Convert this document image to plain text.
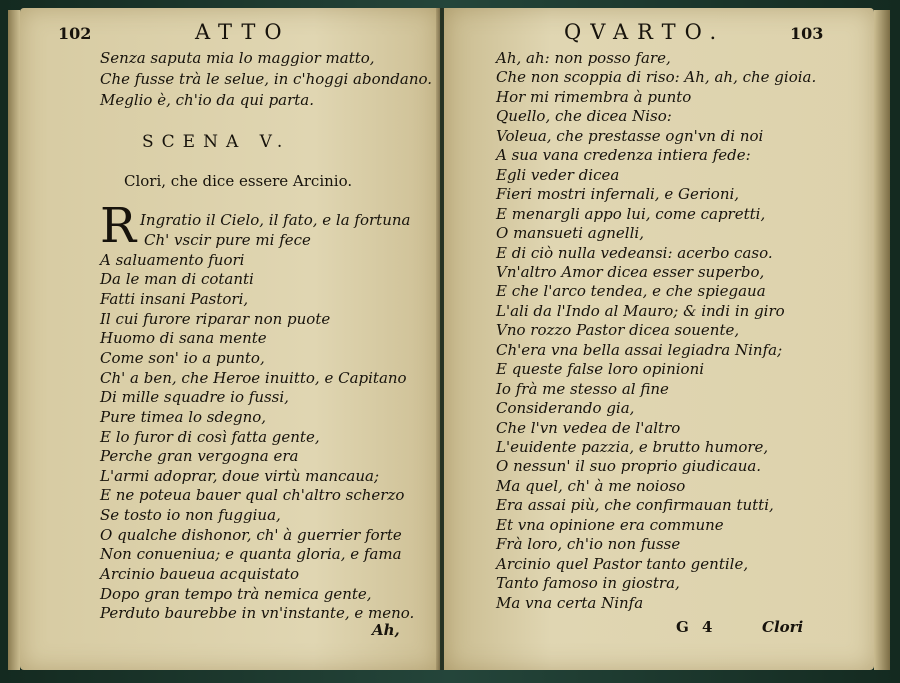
102	ATTO
Senza saputa mia lo maggior matto,
Che fusse trà le selue, in c'hoggi abondano.
Meglio è, ch'io da qui parta.
SCENA V.
Clori, che dice essere Arcinio.
R Ingratio il Cielo, il fato, e la fortuna
Ch' vscir pure mi fece
A saluamento fuori
Da le man di cotanti
Fatti insani Pastori,
Il cui furore riparar non puote
Huomo di sana mente
Come son' io a punto,
Ch' a ben, che Heroe inuitto, e Capitano
Di mille squadre io fussi,
Pure timea lo sdegno,
E lo furor di così fatta gente,
Perche gran vergogna era
L'armi adoprar, doue virtù mancaua;
E ne poteua bauer qual ch'altro scherzo
Se tosto io non fuggiua,
O qualche dishonor, ch' à guerrier forte
Non conueniua; e quanta gloria, e fama
Arcinio baueua acquistato
Dopo gran tempo trà nemica gente,
Perduto baurebbe in vn'instante, e meno.
Ah,
QVARTO.	103
Ah, ah: non posso fare,
Che non scoppia di riso: Ah, ah, che gioia.
Hor mi rimembra à punto
Quello, che dicea Niso:
Voleua, che prestasse ogn'vn di noi
A sua vana credenza intiera fede:
Egli veder dicea
Fieri mostri infernali, e Gerioni,
E menargli appo lui, come capretti,
O mansueti agnelli,
E di ciò nulla vedeansi: acerbo caso.
Vn'altro Amor dicea esser superbo,
E che l'arco tendea, e che spiegaua
L'ali da l'Indo al Mauro; & indi in giro
Vno rozzo Pastor dicea souente,
Ch'era vna bella assai legiadra Ninfa;
E queste false loro opinioni
Io frà me stesso al fine
Considerando gia,
Che l'vn vedea de l'altro
L'euidente pazzia, e brutto humore,
O nessun' il suo proprio giudicaua.
Ma quel, ch' à me noioso
Era assai più, che confirmauan tutti,
Et vna opinione era commune
Frà loro, ch'io non fusse
Arcinio quel Pastor tanto gentile,
Tanto famoso in giostra,
Ma vna certa Ninfa
G 4	Clori
